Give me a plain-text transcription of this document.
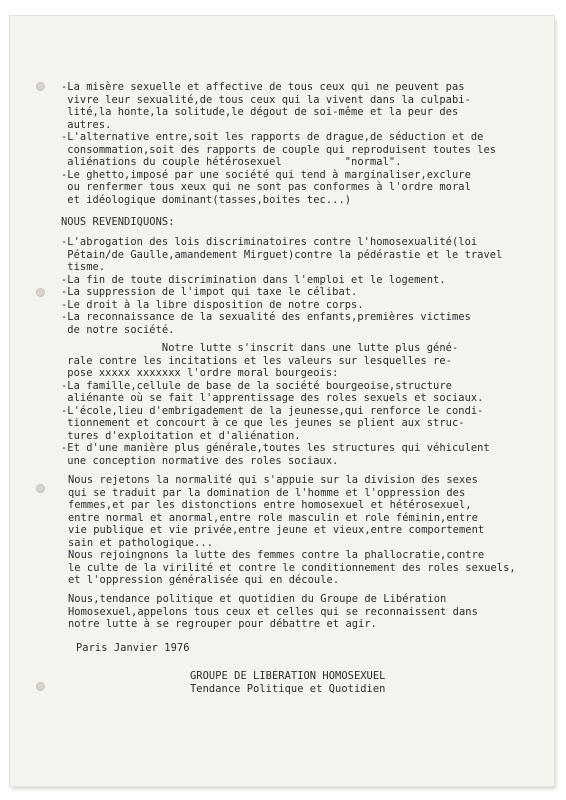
-La misère sexuelle et affective de tous ceux qui ne peuvent pas

vivre leur sexualité,de tous ceux qui la vivent dans la culpabi-

lité,la honte,la solitude,le dégout de soi-même et la peur des

autres.

-L'alternative entre,soit les rapports de drague,de séduction et de

consommation,soit des rapports de couple qui reproduisent toutes les

aliénations du couple hétérosexuel          "normal".

-Le ghetto,imposé par une société qui tend à marginaliser,exclure

ou renfermer tous xeux qui ne sont pas conformes à l'ordre moral

et idéologique dominant(tasses,boites tec...)

NOUS REVENDIQUONS:

-L'abrogation des lois discriminatoires contre l'homosexualité(loi

Pétain/de Gaulle,amandement Mirguet)contre la pédérastie et le travel

tisme.

-La fin de toute discrimination dans l'emploi et le logement.

-La suppression de l'impot qui taxe le célibat.

-Le droit à la libre disposition de notre corps.

-La reconnaissance de la sexualité des enfants,premières victimes

de notre société.

Notre lutte s'inscrit dans une lutte plus géné-

rale contre les incitations et les valeurs sur lesquelles re-

pose xxxxx xxxxxxx l'ordre moral bourgeois:

-La famille,cellule de base de la société bourgeoise,structure

aliénante où se fait l'apprentissage des roles sexuels et sociaux.

-L'école,lieu d'embrigadement de la jeunesse,qui renforce le condi-

tionnement et concourt à ce que les jeunes se plient aux struc-

tures d'exploitation et d'aliénation.

-Et d'une manière plus générale,toutes les structures qui véhiculent

une conception normative des roles sociaux.

Nous rejetons la normalité qui s'appuie sur la division des sexes

qui se traduit par la domination de l'homme et l'oppression des

femmes,et par les distonctions entre homosexuel et hétérosexuel,

entre normal et anormal,entre role masculin et role féminin,entre

vie publique et vie privée,entre jeune et vieux,entre comportement

sain et pathologique...

Nous rejoingnons la lutte des femmes contre la phallocratie,contre

le culte de la virilité et contre le conditionnement des roles sexuels,

et l'oppression généralisée qui en découle.

Nous,tendance politique et quotidien du Groupe de Libération

Homosexuel,appelons tous ceux et celles qui se reconnaissent dans

notre lutte à se regrouper pour débattre et agir.

Paris Janvier 1976

GROUPE DE LIBERATION HOMOSEXUEL

Tendance Politique et Quotidien
